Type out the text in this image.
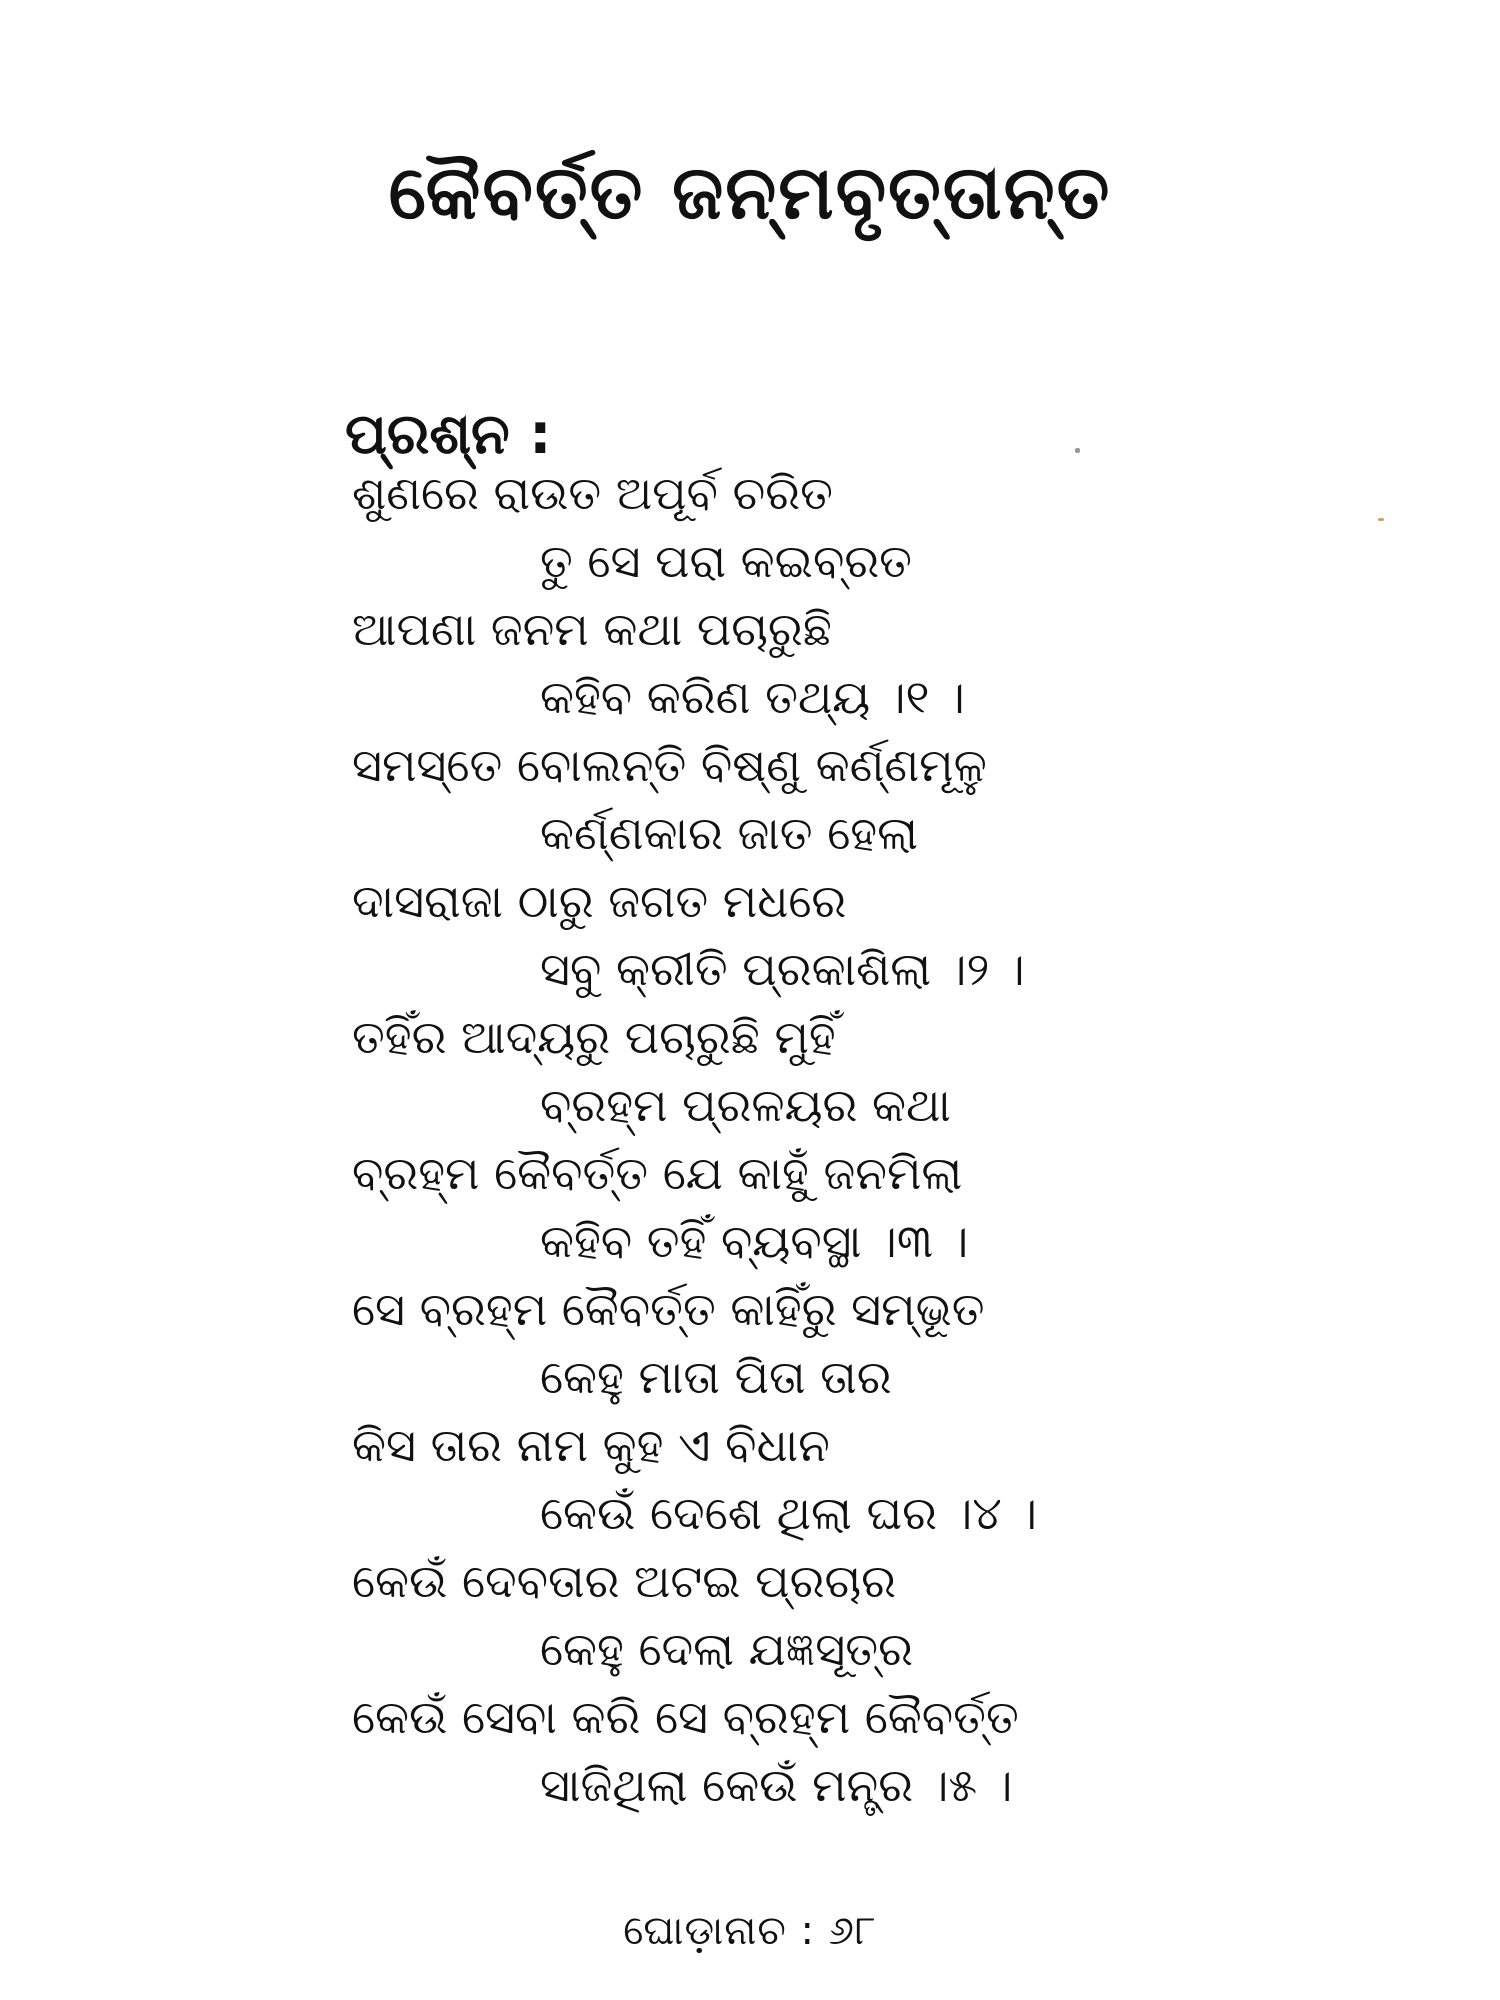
କୈବର୍ତ୍ତ ଜନ୍ମବୃତ୍ତାନ୍ତ
ପ୍ରଶ୍ନ :
ଶୁଣରେ ରାଉତ ଅପୂର୍ବ ଚରିତ
ତୁ ସେ ପରା କଇବ୍ରତ
ଆପଣା ଜନମ କଥା ପଚାରୁଛି
କହିବ କରିଣ ତଥ୍ୟ ।୧ ।
ସମସ୍ତେ ବୋଲନ୍ତି ବିଷ୍ଣୁ କର୍ଣ୍ଣମୂଳୁ
କର୍ଣ୍ଣକାର ଜାତ ହେଲା
ଦାସରାଜା ଠାରୁ ଜଗତ ମଧରେ
ସବୁ କ୍ରୀତି ପ୍ରକାଶିଲା ।୨ ।
ତହିଁର ଆଦ୍ୟରୁ ପଚାରୁଛି ମୁହିଁ
ବ୍ରହ୍ମ ପ୍ରଳୟର କଥା
ବ୍ରହ୍ମ କୈବର୍ତ୍ତ ଯେ କାହୁଁ ଜନମିଲା
କହିବ ତହିଁ ବ୍ୟବସ୍ଥା ।୩ ।
ସେ ବ୍ରହ୍ମ କୈବର୍ତ୍ତ କାହିଁରୁ ସମ୍ଭୂତ
କେହୁ ମାତା ପିତା ତାର
କିସ ତାର ନାମ କୁହ ଏ ବିଧାନ
କେଉଁ ଦେଶେ ଥିଲା ଘର ।୪ ।
କେଉଁ ଦେବତାର ଅଟଇ ପ୍ରଚାର
କେହୁ ଦେଲା ଯଜ୍ଞସୂତ୍ର
କେଉଁ ସେବା କରି ସେ ବ୍ରହ୍ମ କୈବର୍ତ୍ତ
ସାଜିଥିଲା କେଉଁ ମନ୍ତ୍ର ।୫ ।
ଘୋଡ଼ାନାଚ : ୬୮
